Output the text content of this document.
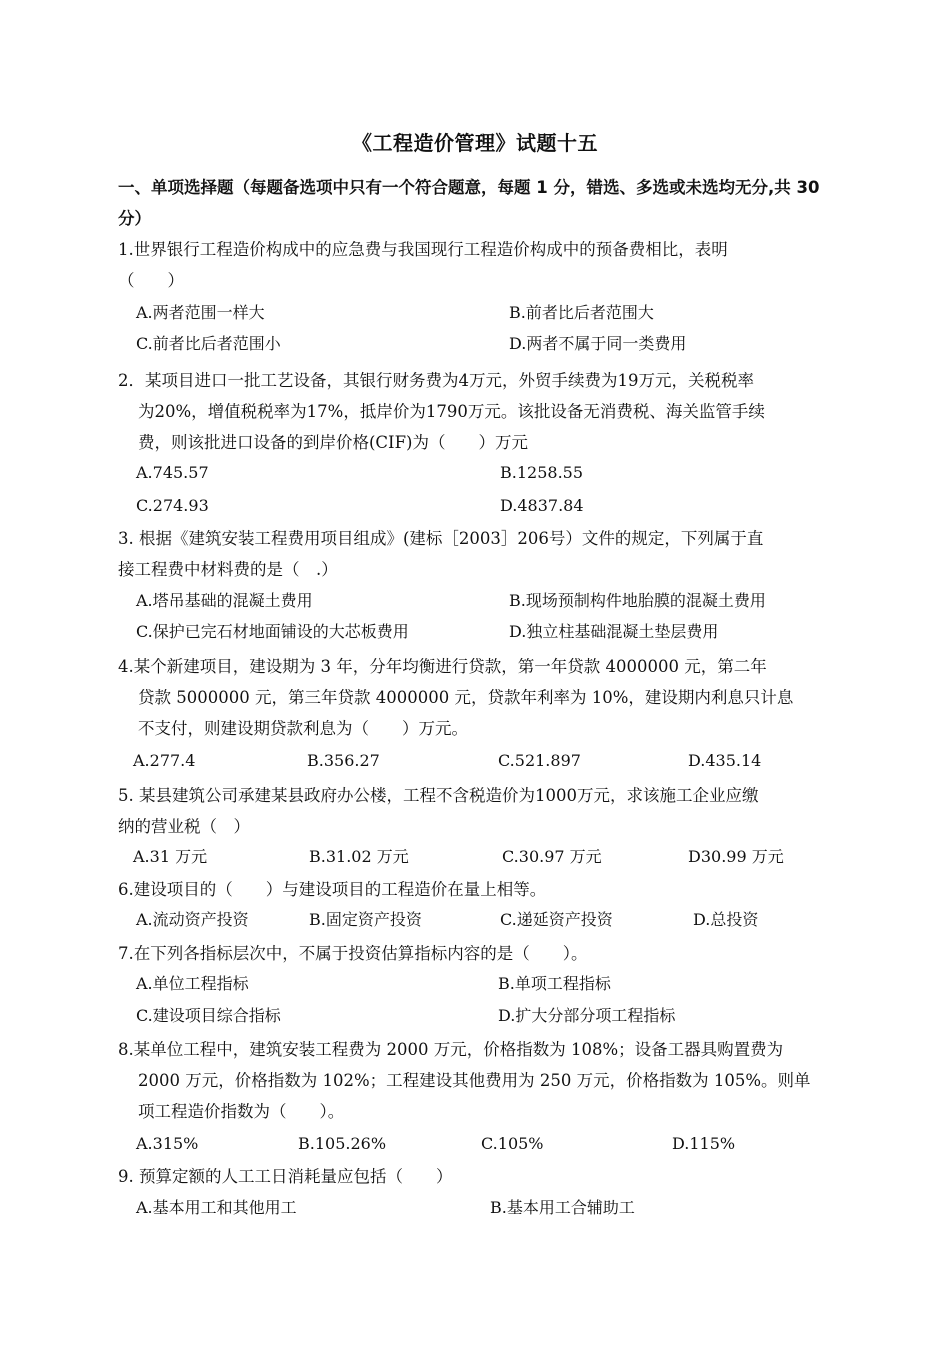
《工程造价管理》试题十五
一、单项选择题（每题备选项中只有一个符合题意，每题 1 分，错选、多选或未选均无分,共 30 分）
1.世界银行工程造价构成中的应急费与我国现行工程造价构成中的预备费相比，表明
（　　）
A.两者范围一样大	B.前者比后者范围大
C.前者比后者范围小	D.两者不属于同一类费用
2．某项目进口一批工艺设备，其银行财务费为4万元，外贸手续费为19万元，关税税率
为20%，增值税税率为17%，抵岸价为1790万元。该批设备无消费税、海关监管手续
费，则该批进口设备的到岸价格(CIF)为（　　）万元
A.745.57	B.1258.55
C.274.93	D.4837.84
3. 根据《建筑安装工程费用项目组成》(建标［2003］206号）文件的规定，下列属于直
接工程费中材料费的是（　.）
A.塔吊基础的混凝土费用	B.现场预制构件地胎膜的混凝土费用
C.保护已完石材地面铺设的大芯板费用	D.独立柱基础混凝土垫层费用
4.某个新建项目，建设期为 3 年，分年均衡进行贷款，第一年贷款 4000000 元，第二年
贷款 5000000 元，第三年贷款 4000000 元，贷款年利率为 10%，建设期内利息只计息
不支付，则建设期贷款利息为（　　）万元。
A.277.4	B.356.27	C.521.897	D.435.14
5. 某县建筑公司承建某县政府办公楼，工程不含税造价为1000万元，求该施工企业应缴
纳的营业税（　）
A.31 万元	B.31.02 万元	C.30.97 万元	D30.99 万元
6.建设项目的（　　）与建设项目的工程造价在量上相等。
A.流动资产投资	B.固定资产投资	C.递延资产投资	D.总投资
7.在下列各指标层次中，不属于投资估算指标内容的是（　　）。
A.单位工程指标	B.单项工程指标
C.建设项目综合指标	D.扩大分部分项工程指标
8.某单位工程中，建筑安装工程费为 2000 万元，价格指数为 108%；设备工器具购置费为
2000 万元，价格指数为 102%；工程建设其他费用为 250 万元，价格指数为 105%。则单
项工程造价指数为（　　）。
A.315%	B.105.26%	C.105%	D.115%
9. 预算定额的人工工日消耗量应包括（　　）
A.基本用工和其他用工	B.基本用工合辅助工
